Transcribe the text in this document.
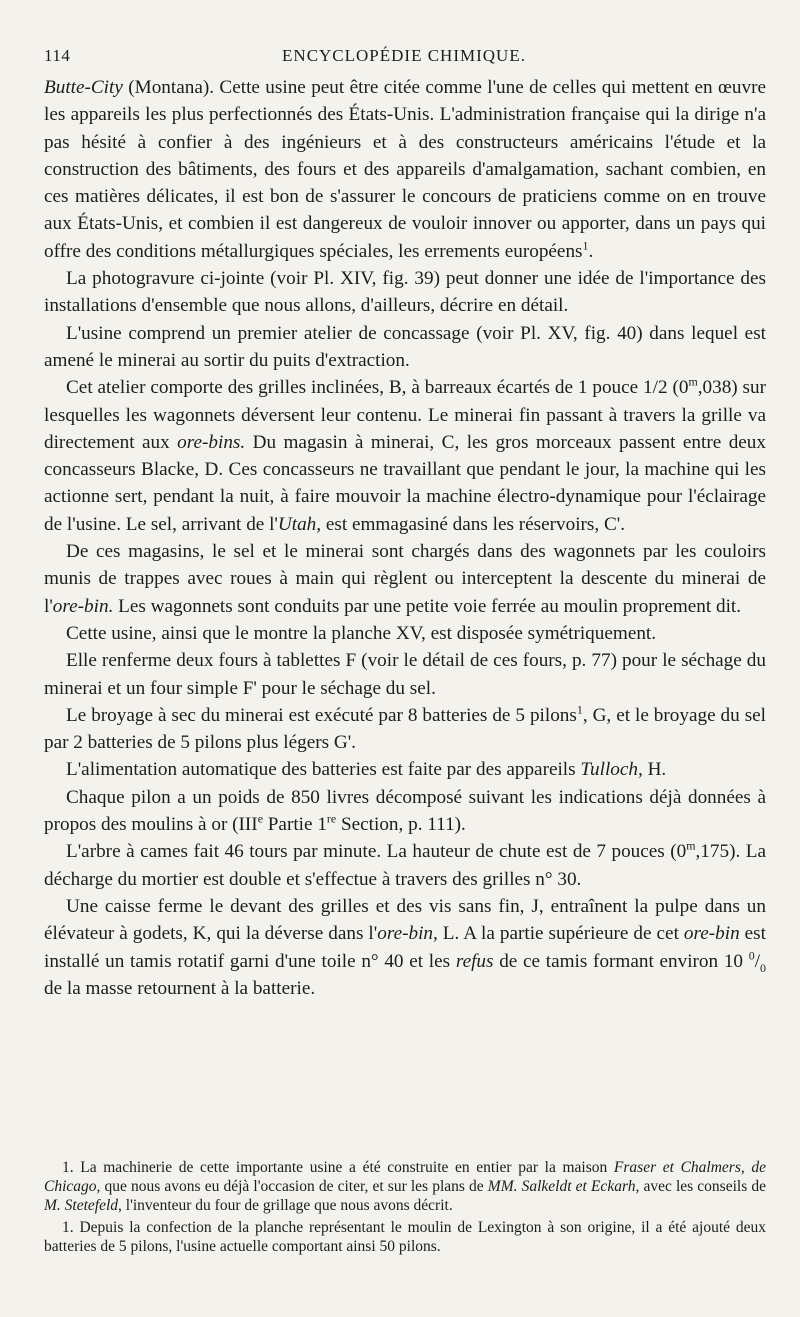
114	ENCYCLOPÉDIE CHIMIQUE.

Butte-City (Montana). Cette usine peut être citée comme l'une de celles qui mettent en œuvre les appareils les plus perfectionnés des États-Unis. L'administration française qui la dirige n'a pas hésité à confier à des ingénieurs et à des constructeurs américains l'étude et la construction des bâtiments, des fours et des appareils d'amalgamation, sachant combien, en ces matières délicates, il est bon de s'assurer le concours de praticiens comme on en trouve aux États-Unis, et combien il est dangereux de vouloir innover ou apporter, dans un pays qui offre des conditions métallurgiques spéciales, les errements européens$^1$.

La photogravure ci-jointe (voir Pl. XIV, fig. 39) peut donner une idée de l'importance des installations d'ensemble que nous allons, d'ailleurs, décrire en détail.

L'usine comprend un premier atelier de concassage (voir Pl. XV, fig. 40) dans lequel est amené le minerai au sortir du puits d'extraction.

Cet atelier comporte des grilles inclinées, B, à barreaux écartés de 1 pouce 1/2 (0$^m$,038) sur lesquelles les wagonnets déversent leur contenu. Le minerai fin passant à travers la grille va directement aux ore-bins. Du magasin à minerai, C, les gros morceaux passent entre deux concasseurs Blacke, D. Ces concasseurs ne travaillant que pendant le jour, la machine qui les actionne sert, pendant la nuit, à faire mouvoir la machine électro-dynamique pour l'éclairage de l'usine. Le sel, arrivant de l'Utah, est emmagasiné dans les réservoirs, C'.

De ces magasins, le sel et le minerai sont chargés dans des wagonnets par les couloirs munis de trappes avec roues à main qui règlent ou interceptent la descente du minerai de l'ore-bin. Les wagonnets sont conduits par une petite voie ferrée au moulin proprement dit.

Cette usine, ainsi que le montre la planche XV, est disposée symétriquement.

Elle renferme deux fours à tablettes F (voir le détail de ces fours, p. 77) pour le séchage du minerai et un four simple F' pour le séchage du sel.

Le broyage à sec du minerai est exécuté par 8 batteries de 5 pilons$^1$, G, et le broyage du sel par 2 batteries de 5 pilons plus légers G'.

L'alimentation automatique des batteries est faite par des appareils Tulloch, H.

Chaque pilon a un poids de 850 livres décomposé suivant les indications déjà données à propos des moulins à or (IIIe Partie 1re Section, p. 111).

L'arbre à cames fait 46 tours par minute. La hauteur de chute est de 7 pouces (0$^m$,175). La décharge du mortier est double et s'effectue à travers des grilles n° 30.

Une caisse ferme le devant des grilles et des vis sans fin, J, entraînent la pulpe dans un élévateur à godets, K, qui la déverse dans l'ore-bin, L. A la partie supérieure de cet ore-bin est installé un tamis rotatif garni d'une toile n° 40 et les refus de ce tamis formant environ 10 $^0/_0$ de la masse retournent à la batterie.

1. La machinerie de cette importante usine a été construite en entier par la maison Fraser et Chalmers, de Chicago, que nous avons eu déjà l'occasion de citer, et sur les plans de MM. Salkeldt et Eckarh, avec les conseils de M. Stetefeld, l'inventeur du four de grillage que nous avons décrit.

1. Depuis la confection de la planche représentant le moulin de Lexington à son origine, il a été ajouté deux batteries de 5 pilons, l'usine actuelle comportant ainsi 50 pilons.
